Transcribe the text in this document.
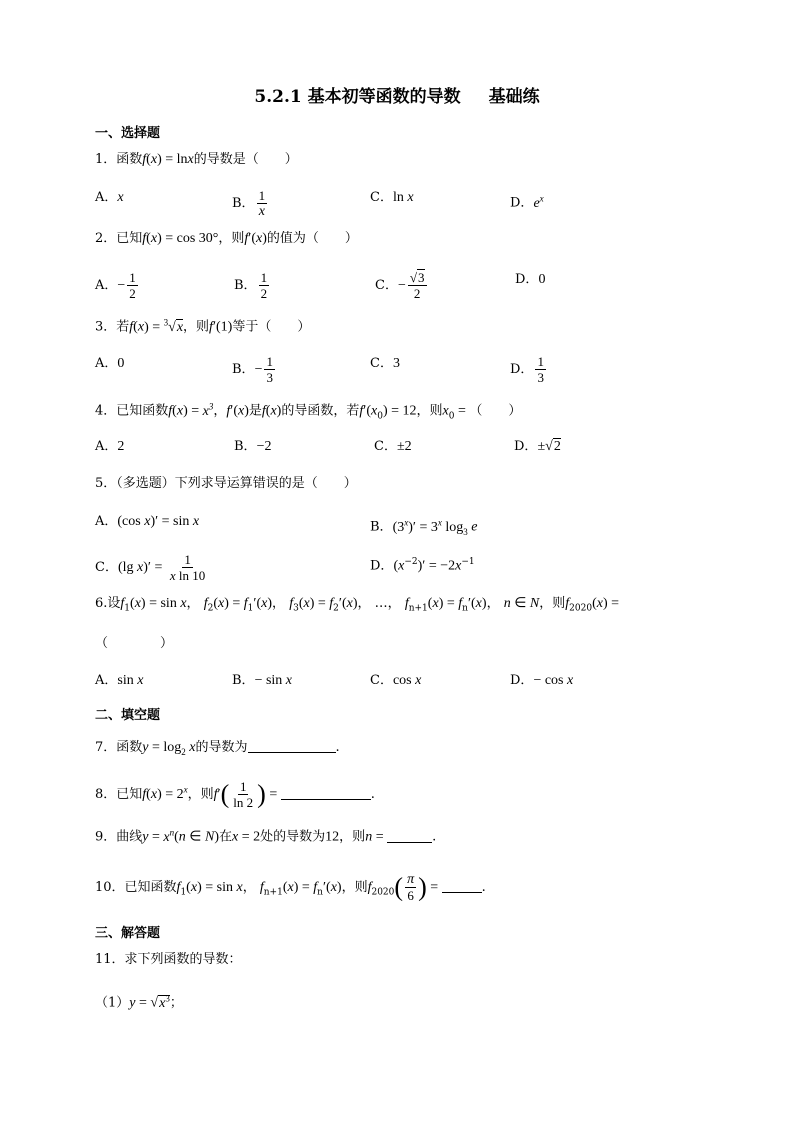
5.2.1 基本初等函数的导数 基础练
一、选择题
1．函数f(x) = lnx的导数是（　　）
A．x	B． $\frac{1}{x}$	C．ln x	D．$e^x$
2．已知f(x) = cos 30°，则f′(x)的值为（　　）
A．− $\frac{1}{2}$	B． $\frac{1}{2}$	C．− $\frac{√3}{2}$	D．0
3．若f(x) = $^3$√x，则f′(1)等于（　　）
A．0	B．− $\frac{1}{3}$	C．3	D． $\frac{1}{3}$
4．已知函数$f(x) = x^3$，f′(x)是f(x)的导函数，若$f'(x_0) = 12$，则$x_0$ = （　　）
A．2	B．−2	C．±2	D．±√2
5．（多选题）下列求导运算错误的是（　　）
A．(cos x)′ = sin x	B．$(3^x)' = 3^x$ $\log_3 e$
C．(lg $x)' = \frac{1}{\text{x ln 10}}$	D．$(x^{-2})' = -2x^{-1}$
6.设$f_1(x) = \sin x$， $f_2(x) = f_1'(x)$， $f_3(x) = f_2'(x)$， …， $f_{n+1}(x) = f_n'(x)$， n ∈ N，则$f_{2020}(x)$ =
（　　　　）
A．sin x	B．− sin x	C．cos x	D．− cos x
二、填空题
7．函数$y = \log_2 x$的导数为	.
8．已知$f(x) = 2^x$，则$f'( \frac{1}{\ln 2}$ ) =	.
9．曲线$y = x^n(n$ ∈ N)在x = 2处的导数为12，则n =	.
10．已知函数$f_1(x) = \sin x$， $f_{n+1}(x) = f_n'(x)$，则$f_{2020}( \frac{\pi}{6}$ ) =	.
三、解答题
11．求下列函数的导数：
$(1)y = √x^3$；
